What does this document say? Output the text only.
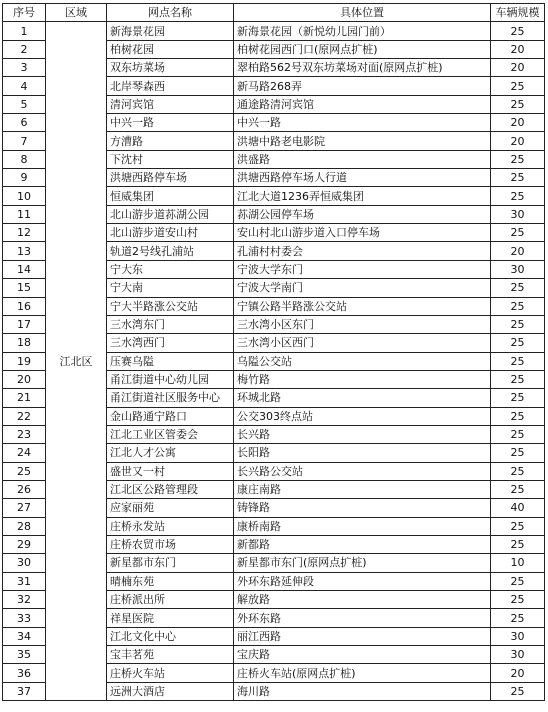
序号	区域	网点名称	具体位置	车辆规模
1	江北区	新海景花园	新海景花园（新悦幼儿园门前）	25
2		柏树花园	柏树花园西门口(原网点扩桩)	20
3		双东坊菜场	翠柏路562号双东坊菜场对面(原网点扩桩)	20
4		北岸琴森西	新马路268弄	25
5		清河宾馆	通途路清河宾馆	25
6		中兴一路	中兴一路	20
7		方漕路	洪塘中路老电影院	20
8		下沈村	洪盛路	25
9		洪塘西路停车场	洪塘西路停车场人行道	25
10		恒威集团	江北大道1236弄恒威集团	25
11		北山游步道荪湖公园	荪湖公园停车场	30
12		北山游步道安山村	安山村北山游步道入口停车场	25
13		轨道2号线孔浦站	孔浦村村委会	20
14		宁大东	宁波大学东门	30
15		宁大南	宁波大学南门	25
16		宁大半路涨公交站	宁镇公路半路涨公交站	25
17		三水湾东门	三水湾小区东门	25
18		三水湾西门	三水湾小区西门	25
19		压赛乌隘	乌隘公交站	25
20		甬江街道中心幼儿园	梅竹路	25
21		甬江街道社区服务中心	环城北路	25
22		金山路通宁路口	公交303终点站	25
23		江北工业区管委会	长兴路	25
24		江北人才公寓	长阳路	25
25		盛世又一村	长兴路公交站	25
26		江北区公路管理段	康庄南路	25
27		应家丽苑	铸锋路	40
28		庄桥永发站	康桥南路	25
29		庄桥农贸市场	新都路	25
30		新星都市东门	新星都市东门(原网点扩桩)	10
31		晴楠东苑	外环东路延伸段	25
32		庄桥派出所	解放路	25
33		祥星医院	外环东路	25
34		江北文化中心	丽江西路	30
35		宝丰茗苑	宝庆路	30
36		庄桥火车站	庄桥火车站(原网点扩桩)	20
37		远洲大酒店	海川路	25
